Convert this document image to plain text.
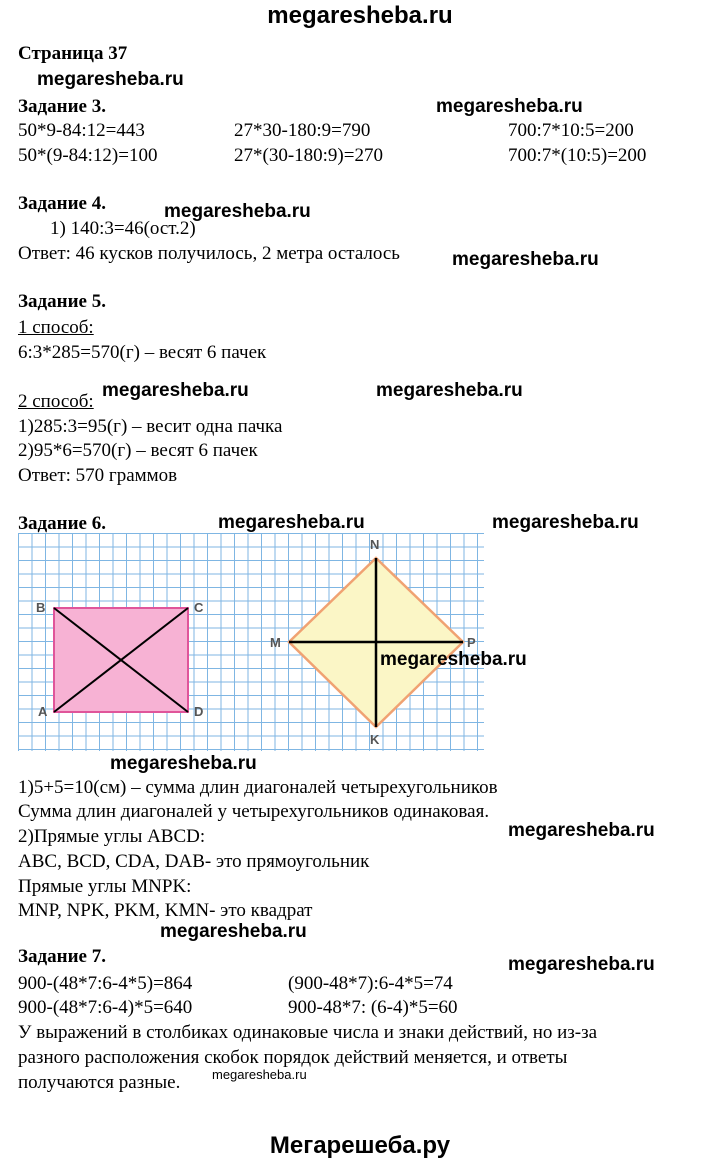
megaresheba.ru
Страница 37
megaresheba.ru
Задание 3.	megaresheba.ru
50*9-84:12=443	27*30-180:9=790	700:7*10:5=200
50*(9-84:12)=100	27*(30-180:9)=270	700:7*(10:5)=200
Задание 4.	megaresheba.ru
1) 140:3=46(ост.2)
Ответ: 46 кусков получилось, 2 метра осталось	megaresheba.ru
Задание 5.
1 способ:
6:3*285=570(г) – весят 6 пачек
2 способ:
megaresheba.ru	megaresheba.ru
1)285:3=95(г) – весит одна пачка
2)95*6=570(г) – весят 6 пачек
Ответ: 570 граммов
Задание 6.	megaresheba.ru	megaresheba.ru
B	C
A	D
N
M	P
K
megaresheba.ru
megaresheba.ru
1)5+5=10(см) – сумма длин диагоналей четырехугольников
Сумма длин диагоналей у четырехугольников одинаковая.
2)Прямые углы ABCD:	megaresheba.ru
ABC, BCD, CDA, DAB- это прямоугольник
Прямые углы MNPK:
MNP, NPK, PKM, KMN- это квадрат
megaresheba.ru
Задание 7.	megaresheba.ru
900-(48*7:6-4*5)=864	(900-48*7):6-4*5=74
900-(48*7:6-4)*5=640	900-48*7: (6-4)*5=60
У выражений в столбиках одинаковые числа и знаки действий, но из-за
разного расположения скобок порядок действий меняется, и ответы
получаются разные. megaresheba.ru
Мегарешеба.ру
